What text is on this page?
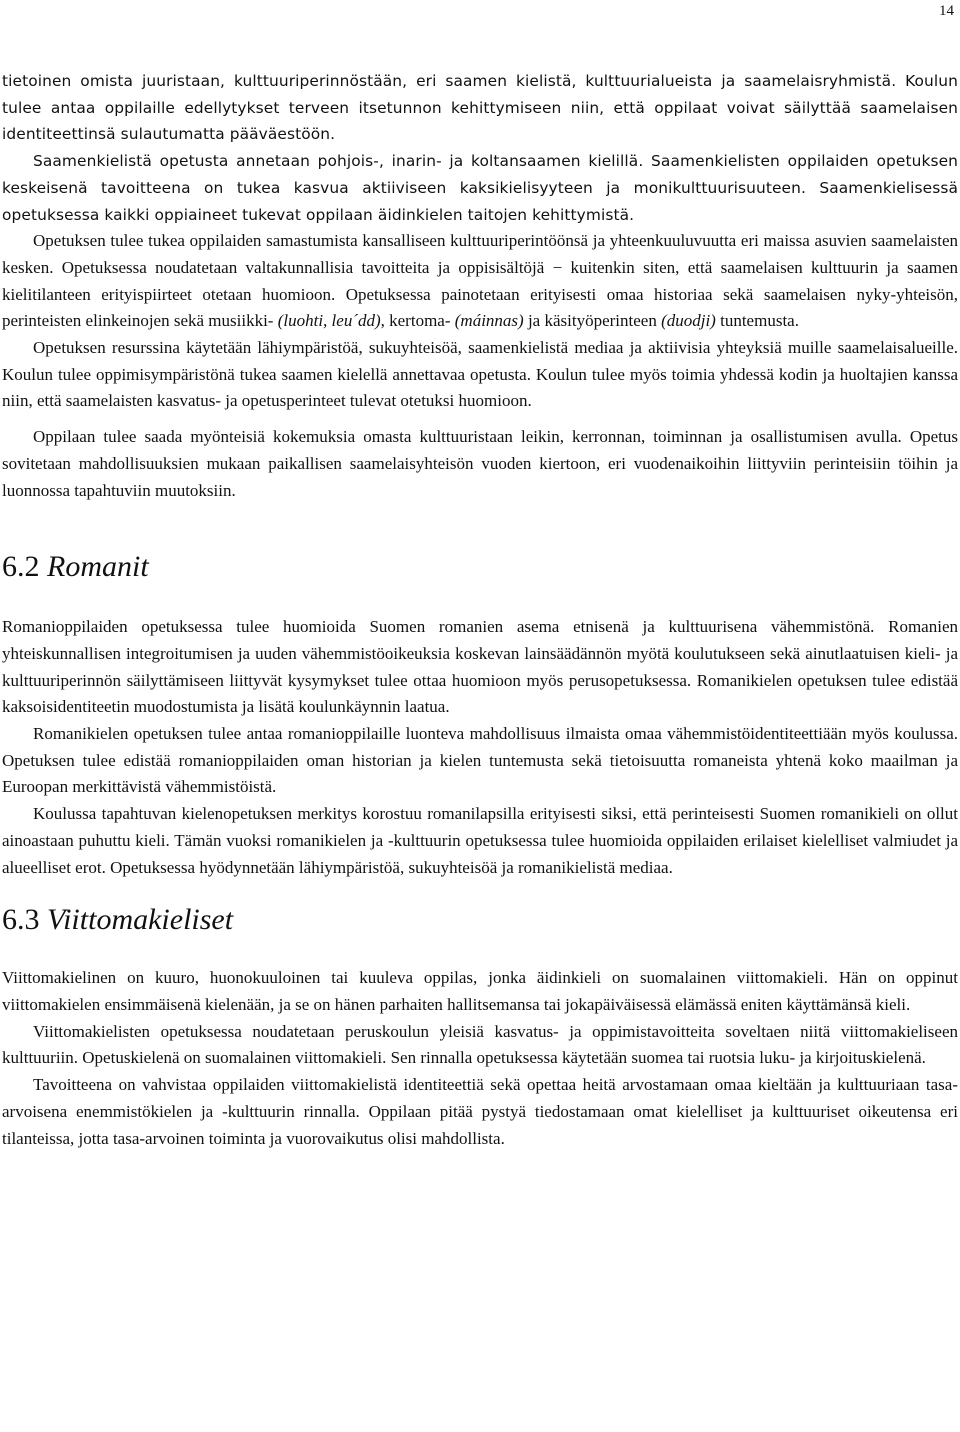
14

tietoinen omista juuristaan, kulttuuriperinnöstään, eri saamen kielistä, kulttuurialueista ja saamelaisryhmistä. Koulun tulee antaa oppilaille edellytykset terveen itsetunnon kehittymiseen niin, että oppilaat voivat säilyttää saamelaisen identiteettinsä sulautumatta pääväestöön.

Saamenkielistä opetusta annetaan pohjois-, inarin- ja koltansaamen kielillä. Saamenkielisten oppilaiden opetuksen keskeisenä tavoitteena on tukea kasvua aktiiviseen kaksikielisyyteen ja monikulttuurisuuteen. Saamenkielisessä opetuksessa kaikki oppiaineet tukevat oppilaan äidinkielen taitojen kehittymistä.

Opetuksen tulee tukea oppilaiden samastumista kansalliseen kulttuuriperintöönsä ja yhteenkuuluvuutta eri maissa asuvien saamelaisten kesken. Opetuksessa noudatetaan valtakunnallisia tavoitteita ja oppisisältöjä − kuitenkin siten, että saamelaisen kulttuurin ja saamen kielitilanteen erityispiirteet otetaan huomioon. Opetuksessa painotetaan erityisesti omaa historiaa sekä saamelaisen nyky-yhteisön, perinteisten elinkeinojen sekä musiikki- (luohti, leu´dd), kertoma- (máinnas) ja käsityöperinteen (duodji) tuntemusta.

Opetuksen resurssina käytetään lähiympäristöä, sukuyhteisöä, saamenkielistä mediaa ja aktiivisia yhteyksiä muille saamelaisalueille. Koulun tulee oppimisympäristönä tukea saamen kielellä annettavaa opetusta. Koulun tulee myös toimia yhdessä kodin ja huoltajien kanssa niin, että saamelaisten kasvatus- ja opetusperinteet tulevat otetuksi huomioon.

Oppilaan tulee saada myönteisiä kokemuksia omasta kulttuuristaan leikin, kerronnan, toiminnan ja osallistumisen avulla. Opetus sovitetaan mahdollisuuksien mukaan paikallisen saamelaisyhteisön vuoden kiertoon, eri vuodenaikoihin liittyviin perinteisiin töihin ja luonnossa tapahtuviin muutoksiin.

6.2 Romanit

Romanioppilaiden opetuksessa tulee huomioida Suomen romanien asema etnisenä ja kulttuurisena vähemmistönä. Romanien yhteiskunnallisen integroitumisen ja uuden vähemmistöoikeuksia koskevan lainsäädännön myötä koulutukseen sekä ainutlaatuisen kieli- ja kulttuuriperinnön säilyttämiseen liittyvät kysymykset tulee ottaa huomioon myös perusopetuksessa. Romanikielen opetuksen tulee edistää kaksoisidentiteetin muodostumista ja lisätä koulunkäynnin laatua.

Romanikielen opetuksen tulee antaa romanioppilaille luonteva mahdollisuus ilmaista omaa vähemmistöidentiteettiään myös koulussa. Opetuksen tulee edistää romanioppilaiden oman historian ja kielen tuntemusta sekä tietoisuutta romaneista yhtenä koko maailman ja Euroopan merkittävistä vähemmistöistä.

Koulussa tapahtuvan kielenopetuksen merkitys korostuu romanilapsilla erityisesti siksi, että perinteisesti Suomen romanikieli on ollut ainoastaan puhuttu kieli. Tämän vuoksi romanikielen ja -kulttuurin opetuksessa tulee huomioida oppilaiden erilaiset kielelliset valmiudet ja alueelliset erot. Opetuksessa hyödynnetään lähiympäristöä, sukuyhteisöä ja romanikielistä mediaa.

6.3 Viittomakieliset

Viittomakielinen on kuuro, huonokuuloinen tai kuuleva oppilas, jonka äidinkieli on suomalainen viittomakieli. Hän on oppinut viittomakielen ensimmäisenä kielenään, ja se on hänen parhaiten hallitsemansa tai jokapäiväisessä elämässä eniten käyttämänsä kieli.

Viittomakielisten opetuksessa noudatetaan peruskoulun yleisiä kasvatus- ja oppimistavoitteita soveltaen niitä viittomakieliseen kulttuuriin. Opetuskielenä on suomalainen viittomakieli. Sen rinnalla opetuksessa käytetään suomea tai ruotsia luku- ja kirjoituskielenä.

Tavoitteena on vahvistaa oppilaiden viittomakielistä identiteettiä sekä opettaa heitä arvostamaan omaa kieltään ja kulttuuriaan tasa-arvoisena enemmistökielen ja -kulttuurin rinnalla. Oppilaan pitää pystyä tiedostamaan omat kielelliset ja kulttuuriset oikeutensa eri tilanteissa, jotta tasa-arvoinen toiminta ja vuorovaikutus olisi mahdollista.
